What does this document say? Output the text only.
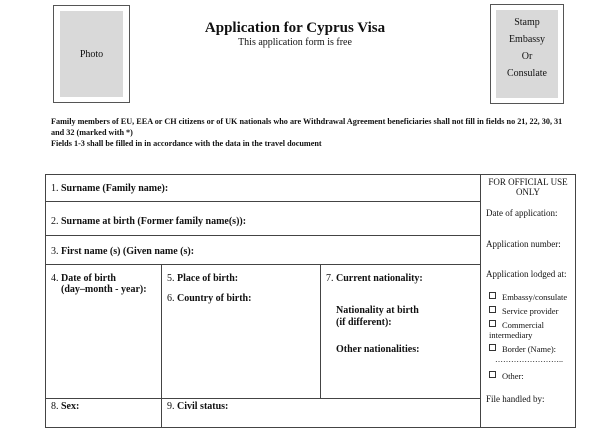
Photo
Stamp
Embassy
Or
Consulate
Application for Cyprus Visa
This application form is free
Family members of EU, EEA or CH citizens or of UK nationals who are Withdrawal Agreement beneficiaries shall not fill in fields no 21, 22, 30, 31 and 32 (marked with *)
Fields 1-3 shall be filled in in accordance with the data in the travel document
1. Surname (Family name):
2. Surname at birth (Former family name(s)):
3. First name (s) (Given name (s):
4. Date of birth
(day–month - year):
5. Place of birth:
6. Country of birth:
7. Current nationality:
Nationality at birth
(if different):
Other nationalities:
8. Sex:	9. Civil status:
FOR OFFICIAL USE ONLY
Date of application:
Application number:
Application lodged at:
Embassy/consulate
Service provider
Commercial intermediary
Border (Name):
……………………..
Other:
File handled by:
